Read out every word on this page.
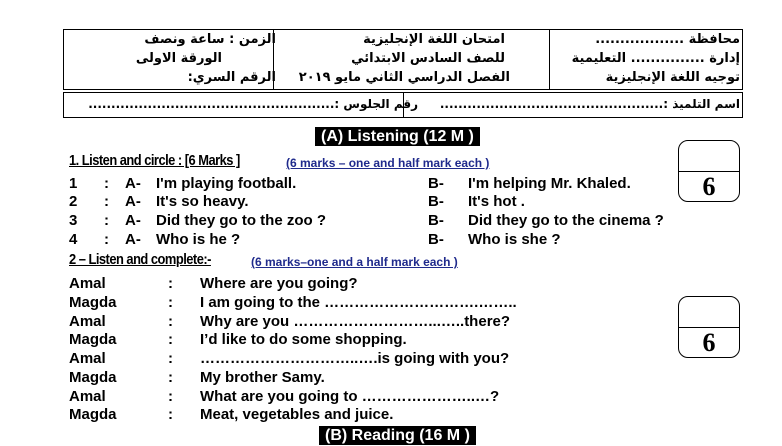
محافظة ..................
إدارة ............... التعليمية
توجيه اللغة الإنجليزية
امتحان اللغة الإنجليزية
للصف السادس الابتدائي
الفصل الدراسي الثاني مايو ٢٠١٩
الزمن : ساعة ونصف
الورقة الاولى
الرقم السري:
اسم التلميذ :.................................................
رقم الجلوس :......................................................
(A) Listening (12 M )
1. Listen and circle : [6 Marks ]	(6 marks – one and half mark each )
6
1 : A- I'm playing football.	B- I'm helping Mr. Khaled.
2 : A- It's so heavy.	B- It's hot .
3 : A- Did they go to the zoo ?	B- Did they go to the cinema ?
4 : A- Who is he ?	B- Who is she ?
2 – Listen and complete:-	(6 marks–one and a half mark each )
6
Amal	: Where are you going?
Magda	: I am going to the ………………………….……..
Amal	: Why are you ………………………...…..there?
Magda	: I’d like to do some shopping.
Amal	: …………………………..….is going with you?
Magda	: My brother Samy.
Amal	: What are you going to …………………..…?
Magda	: Meat, vegetables and juice.
(B) Reading (16 M )
